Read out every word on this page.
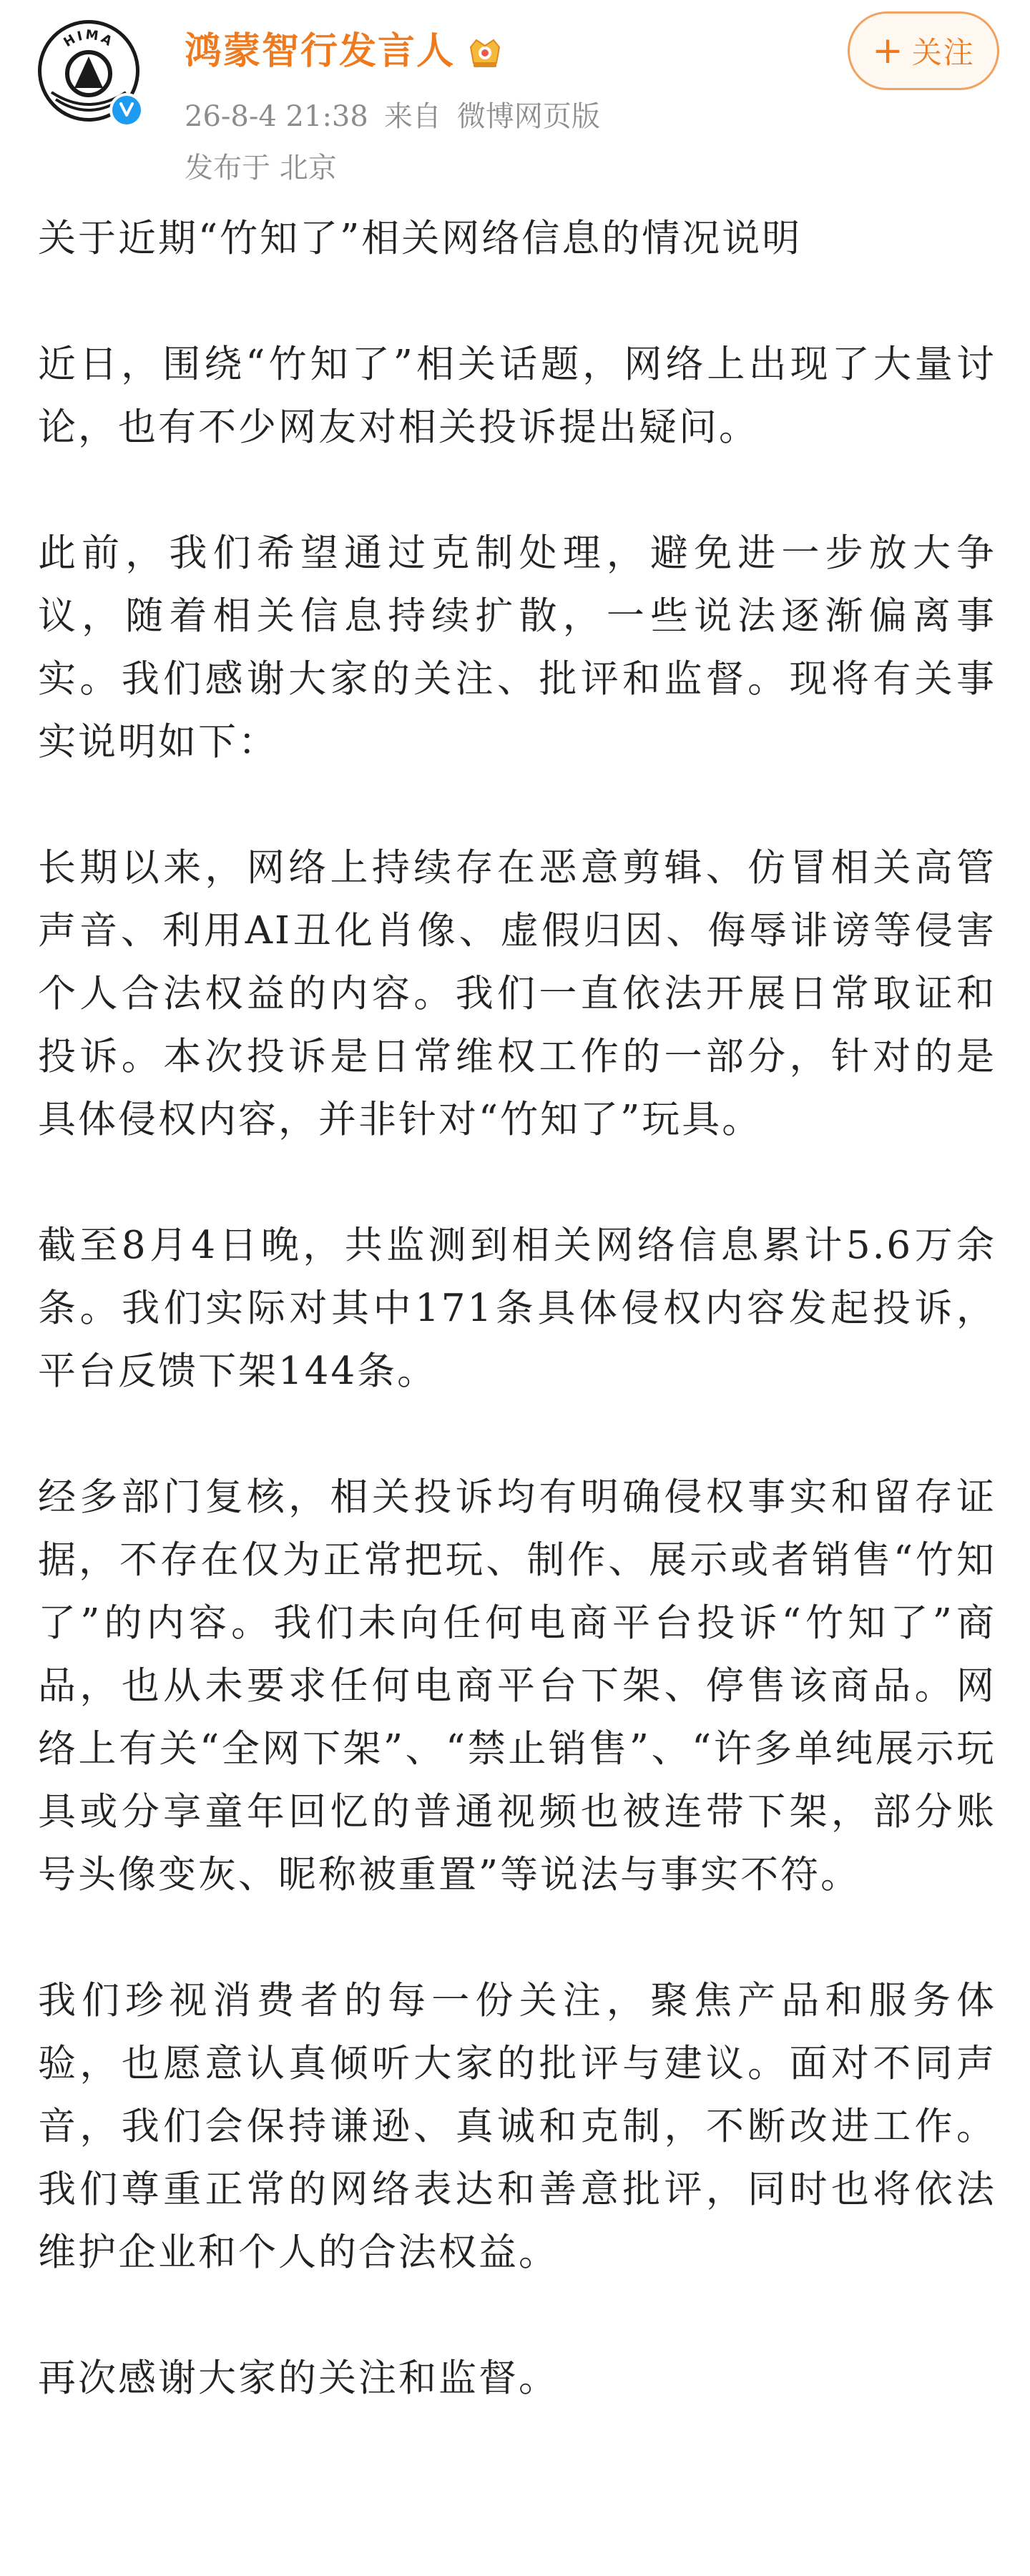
HIMA 鸿蒙智行发言人
26-8-4 21:38 来自 微博网页版
发布于 北京
+ 关注

关于近期“竹知了”相关网络信息的情况说明

近日，围绕“竹知了”相关话题，网络上出现了大量讨论，也有不少网友对相关投诉提出疑问。

此前，我们希望通过克制处理，避免进一步放大争议，随着相关信息持续扩散，一些说法逐渐偏离事实。我们感谢大家的关注、批评和监督。现将有关事实说明如下：

长期以来，网络上持续存在恶意剪辑、仿冒相关高管声音、利用AI丑化肖像、虚假归因、侮辱诽谤等侵害个人合法权益的内容。我们一直依法开展日常取证和投诉。本次投诉是日常维权工作的一部分，针对的是具体侵权内容，并非针对“竹知了”玩具。

截至8月4日晚，共监测到相关网络信息累计5.6万余条。我们实际对其中171条具体侵权内容发起投诉，平台反馈下架144条。

经多部门复核，相关投诉均有明确侵权事实和留存证据，不存在仅为正常把玩、制作、展示或者销售“竹知了”的内容。我们未向任何电商平台投诉“竹知了”商品，也从未要求任何电商平台下架、停售该商品。网络上有关“全网下架”、“禁止销售”、“许多单纯展示玩具或分享童年回忆的普通视频也被连带下架，部分账号头像变灰、昵称被重置”等说法与事实不符。

我们珍视消费者的每一份关注，聚焦产品和服务体验，也愿意认真倾听大家的批评与建议。面对不同声音，我们会保持谦逊、真诚和克制，不断改进工作。我们尊重正常的网络表达和善意批评，同时也将依法维护企业和个人的合法权益。

再次感谢大家的关注和监督。
